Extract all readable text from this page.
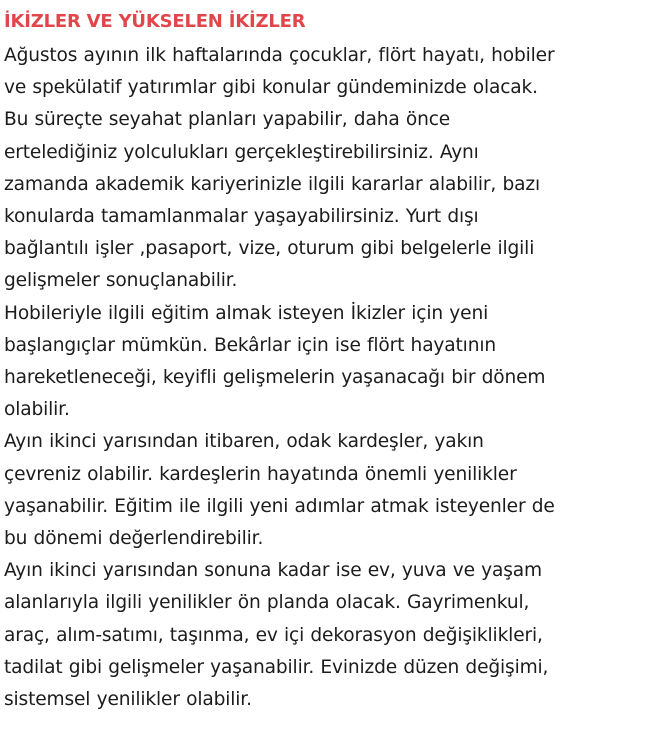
İKİZLER VE YÜKSELEN İKİZLER

Ağustos ayının ilk haftalarında çocuklar, flört hayatı, hobiler
ve spekülatif yatırımlar gibi konular gündeminizde olacak.
Bu süreçte seyahat planları yapabilir, daha önce
ertelediğiniz yolculukları gerçekleştirebilirsiniz. Aynı
zamanda akademik kariyerinizle ilgili kararlar alabilir, bazı
konularda tamamlanmalar yaşayabilirsiniz. Yurt dışı
bağlantılı işler ,pasaport, vize, oturum gibi belgelerle ilgili
gelişmeler sonuçlanabilir.

Hobileriyle ilgili eğitim almak isteyen İkizler için yeni
başlangıçlar mümkün. Bekârlar için ise flört hayatının
hareketleneceği, keyifli gelişmelerin yaşanacağı bir dönem
olabilir.

Ayın ikinci yarısından itibaren, odak kardeşler, yakın
çevreniz olabilir. kardeşlerin hayatında önemli yenilikler
yaşanabilir. Eğitim ile ilgili yeni adımlar atmak isteyenler de
bu dönemi değerlendirebilir.

Ayın ikinci yarısından sonuna kadar ise ev, yuva ve yaşam
alanlarıyla ilgili yenilikler ön planda olacak. Gayrimenkul,
araç, alım-satımı, taşınma, ev içi dekorasyon değişiklikleri,
tadilat gibi gelişmeler yaşanabilir. Evinizde düzen değişimi,
sistemsel yenilikler olabilir.
